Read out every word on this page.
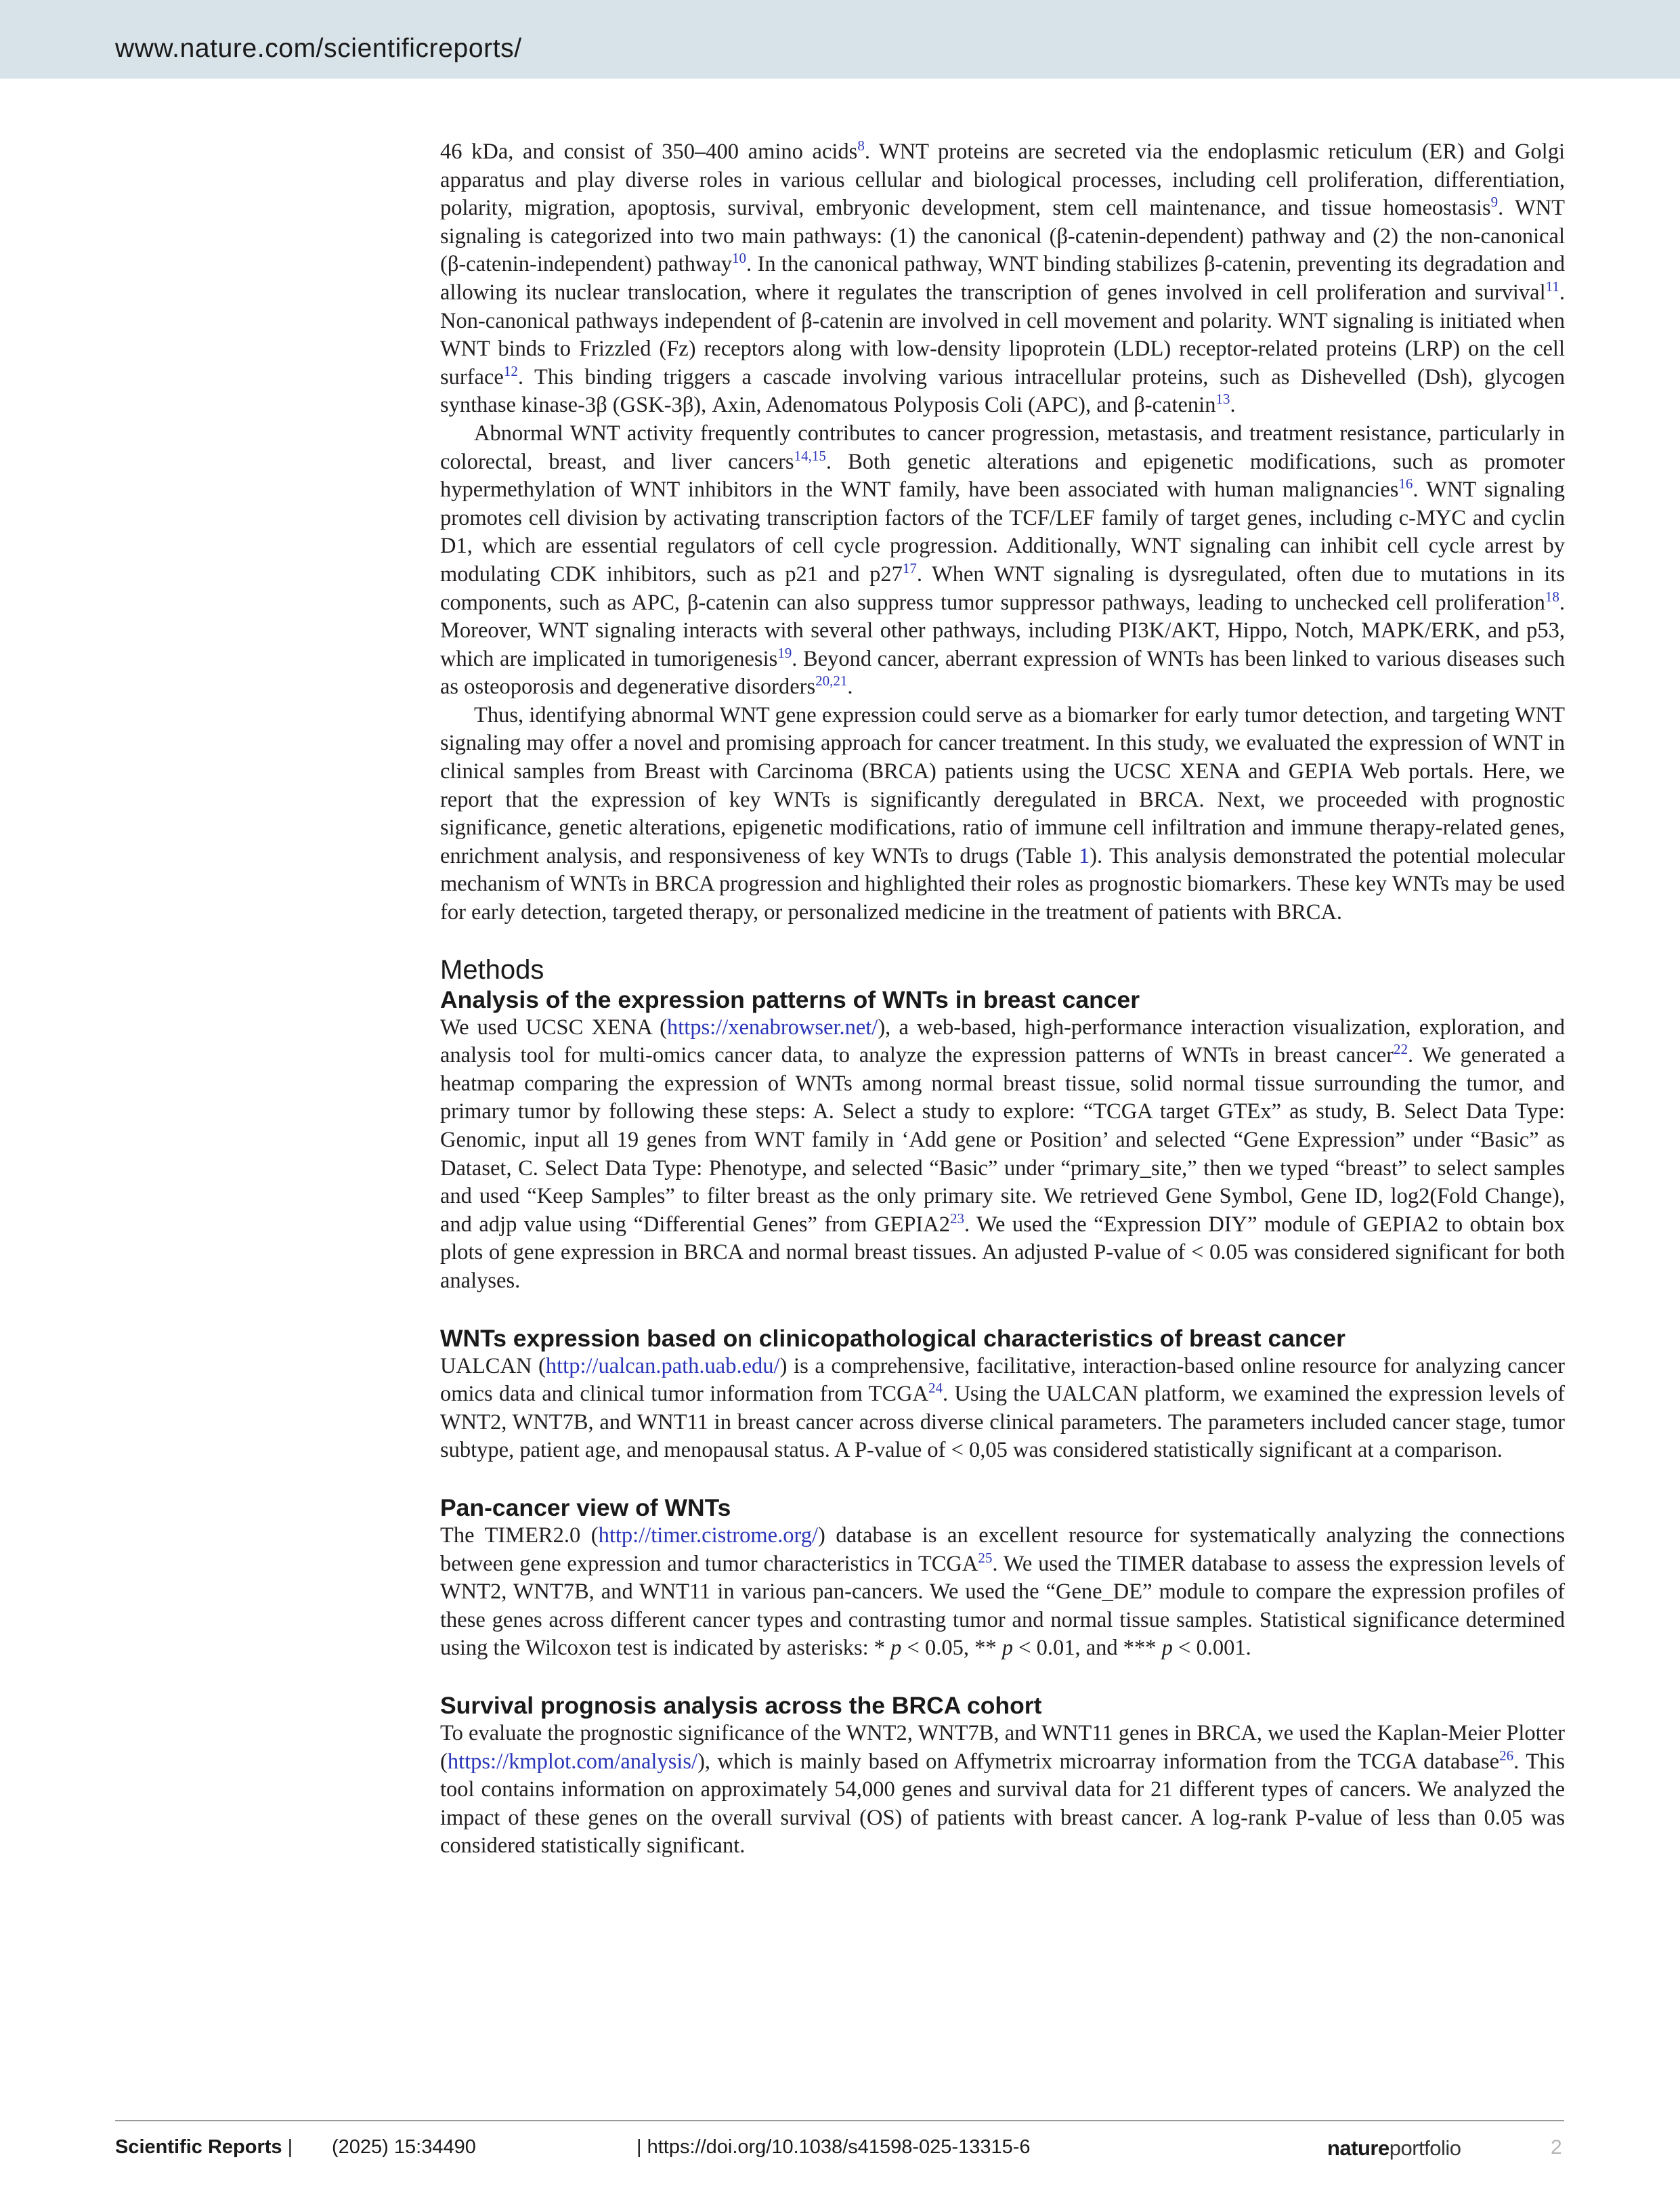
www.nature.com/scientificreports/

46 kDa, and consist of 350–400 amino acids$^8$. WNT proteins are secreted via the endoplasmic reticulum (ER) and Golgi apparatus and play diverse roles in various cellular and biological processes, including cell proliferation, differentiation, polarity, migration, apoptosis, survival, embryonic development, stem cell maintenance, and tissue homeostasis$^9$. WNT signaling is categorized into two main pathways: (1) the canonical (β-catenin-dependent) pathway and (2) the non-canonical (β-catenin-independent) pathway$^{10}$. In the canonical pathway, WNT binding stabilizes β-catenin, preventing its degradation and allowing its nuclear translocation, where it regulates the transcription of genes involved in cell proliferation and survival$^{11}$. Non-canonical pathways independent of β-catenin are involved in cell movement and polarity. WNT signaling is initiated when WNT binds to Frizzled (Fz) receptors along with low-density lipoprotein (LDL) receptor-related proteins (LRP) on the cell surface$^{12}$. This binding triggers a cascade involving various intracellular proteins, such as Dishevelled (Dsh), glycogen synthase kinase-3β (GSK-3β), Axin, Adenomatous Polyposis Coli (APC), and β-catenin$^{13}$.

Abnormal WNT activity frequently contributes to cancer progression, metastasis, and treatment resistance, particularly in colorectal, breast, and liver cancers$^{14,15}$. Both genetic alterations and epigenetic modifications, such as promoter hypermethylation of WNT inhibitors in the WNT family, have been associated with human malignancies$^{16}$. WNT signaling promotes cell division by activating transcription factors of the TCF/LEF family of target genes, including c-MYC and cyclin D1, which are essential regulators of cell cycle progression. Additionally, WNT signaling can inhibit cell cycle arrest by modulating CDK inhibitors, such as p21 and p27$^{17}$. When WNT signaling is dysregulated, often due to mutations in its components, such as APC, β-catenin can also suppress tumor suppressor pathways, leading to unchecked cell proliferation$^{18}$. Moreover, WNT signaling interacts with several other pathways, including PI3K/AKT, Hippo, Notch, MAPK/ERK, and p53, which are implicated in tumorigenesis$^{19}$. Beyond cancer, aberrant expression of WNTs has been linked to various diseases such as osteoporosis and degenerative disorders$^{20,21}$.

Thus, identifying abnormal WNT gene expression could serve as a biomarker for early tumor detection, and targeting WNT signaling may offer a novel and promising approach for cancer treatment. In this study, we evaluated the expression of WNT in clinical samples from Breast with Carcinoma (BRCA) patients using the UCSC XENA and GEPIA Web portals. Here, we report that the expression of key WNTs is significantly deregulated in BRCA. Next, we proceeded with prognostic significance, genetic alterations, epigenetic modifications, ratio of immune cell infiltration and immune therapy-related genes, enrichment analysis, and responsiveness of key WNTs to drugs (Table 1). This analysis demonstrated the potential molecular mechanism of WNTs in BRCA progression and highlighted their roles as prognostic biomarkers. These key WNTs may be used for early detection, targeted therapy, or personalized medicine in the treatment of patients with BRCA.

Methods
Analysis of the expression patterns of WNTs in breast cancer

We used UCSC XENA (https://xenabrowser.net/), a web-based, high-performance interaction visualization, exploration, and analysis tool for multi-omics cancer data, to analyze the expression patterns of WNTs in breast cancer$^{22}$. We generated a heatmap comparing the expression of WNTs among normal breast tissue, solid normal tissue surrounding the tumor, and primary tumor by following these steps: A. Select a study to explore: “TCGA target GTEx” as study, B. Select Data Type: Genomic, input all 19 genes from WNT family in ‘Add gene or Position’ and selected “Gene Expression” under “Basic” as Dataset, C. Select Data Type: Phenotype, and selected “Basic” under “primary_site,” then we typed “breast” to select samples and used “Keep Samples” to filter breast as the only primary site. We retrieved Gene Symbol, Gene ID, log2(Fold Change), and adjp value using “Differential Genes” from GEPIA2$^{23}$. We used the “Expression DIY” module of GEPIA2 to obtain box plots of gene expression in BRCA and normal breast tissues. An adjusted P-value of < 0.05 was considered significant for both analyses.

WNTs expression based on clinicopathological characteristics of breast cancer

UALCAN (http://ualcan.path.uab.edu/) is a comprehensive, facilitative, interaction-based online resource for analyzing cancer omics data and clinical tumor information from TCGA$^{24}$. Using the UALCAN platform, we examined the expression levels of WNT2, WNT7B, and WNT11 in breast cancer across diverse clinical parameters. The parameters included cancer stage, tumor subtype, patient age, and menopausal status. A P-value of < 0,05 was considered statistically significant at a comparison.

Pan-cancer view of WNTs

The TIMER2.0 (http://timer.cistrome.org/) database is an excellent resource for systematically analyzing the connections between gene expression and tumor characteristics in TCGA$^{25}$. We used the TIMER database to assess the expression levels of WNT2, WNT7B, and WNT11 in various pan-cancers. We used the “Gene_DE” module to compare the expression profiles of these genes across different cancer types and contrasting tumor and normal tissue samples. Statistical significance determined using the Wilcoxon test is indicated by asterisks: * p < 0.05, ** p < 0.01, and *** p < 0.001.

Survival prognosis analysis across the BRCA cohort

To evaluate the prognostic significance of the WNT2, WNT7B, and WNT11 genes in BRCA, we used the Kaplan-Meier Plotter (https://kmplot.com/analysis/), which is mainly based on Affymetrix microarray information from the TCGA database$^{26}$. This tool contains information on approximately 54,000 genes and survival data for 21 different types of cancers. We analyzed the impact of these genes on the overall survival (OS) of patients with breast cancer. A log-rank P-value of less than 0.05 was considered statistically significant.

Scientific Reports | (2025) 15:34490	| https://doi.org/10.1038/s41598-025-13315-6	natureportfolio	2
